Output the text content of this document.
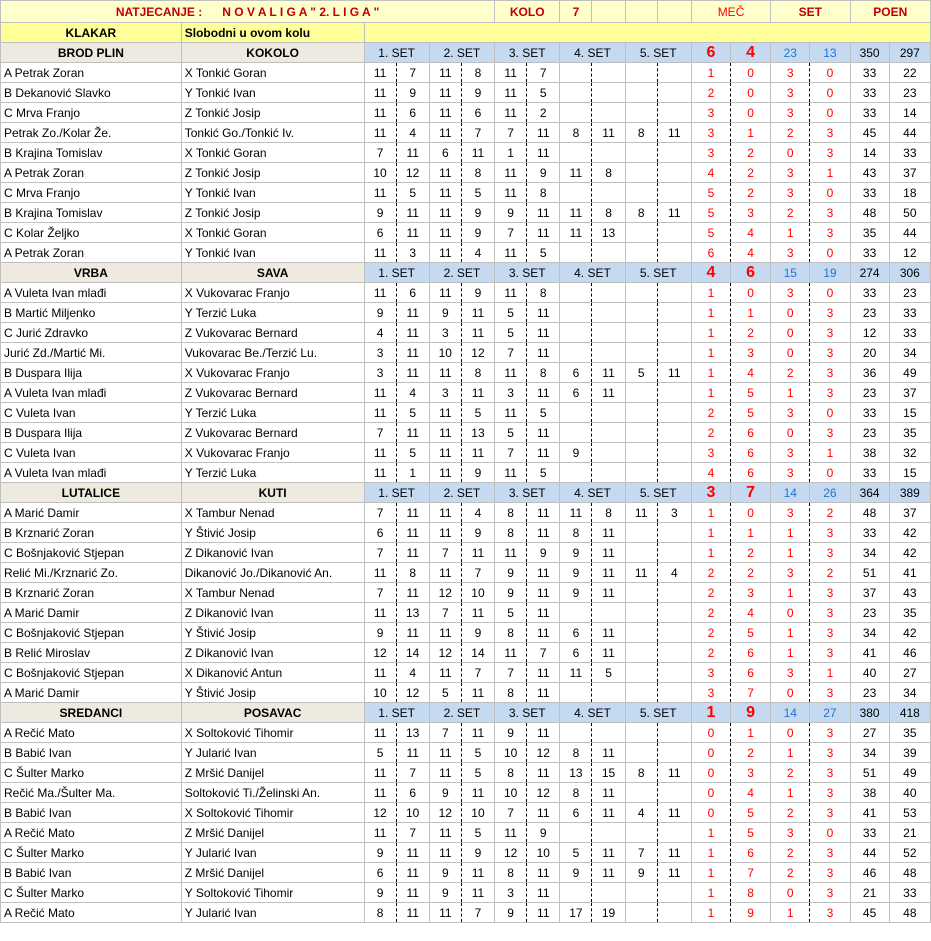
NATJECANJE : N O V A L I G A " 2. L I G A "						KOLO		7				MEČ		SET		POEN	
KLAKAR	Slobodni u ovom kolu																
BROD PLIN	KOKOLO	1. SET		2. SET		3. SET		4. SET		5. SET		6	4	23	13	350	297
A Petrak Zoran	X Tonkić Goran	11	7	11	8	11	7					1	0	3	0	33	22
B Dekanović Slavko	Y Tonkić Ivan	11	9	11	9	11	5					2	0	3	0	33	23
C Mrva Franjo	Z Tonkić Josip	11	6	11	6	11	2					3	0	3	0	33	14
Petrak Zo./Kolar Že.	Tonkić Go./Tonkić Iv.	11	4	11	7	7	11	8	11	8	11	3	1	2	3	45	44
B Krajina Tomislav	X Tonkić Goran	7	11	6	11	1	11					3	2	0	3	14	33
A Petrak Zoran	Z Tonkić Josip	10	12	11	8	11	9	11	8			4	2	3	1	43	37
C Mrva Franjo	Y Tonkić Ivan	11	5	11	5	11	8					5	2	3	0	33	18
B Krajina Tomislav	Z Tonkić Josip	9	11	11	9	9	11	11	8	8	11	5	3	2	3	48	50
C Kolar Željko	X Tonkić Goran	6	11	11	9	7	11	11	13			5	4	1	3	35	44
A Petrak Zoran	Y Tonkić Ivan	11	3	11	4	11	5					6	4	3	0	33	12
VRBA	SAVA	1. SET		2. SET		3. SET		4. SET		5. SET		4	6	15	19	274	306
A Vuleta Ivan mlađi	X Vukovarac Franjo	11	6	11	9	11	8					1	0	3	0	33	23
B Martić Miljenko	Y Terzić Luka	9	11	9	11	5	11					1	1	0	3	23	33
C Jurić Zdravko	Z Vukovarac Bernard	4	11	3	11	5	11					1	2	0	3	12	33
Jurić Zd./Martić Mi.	Vukovarac Be./Terzić Lu.	3	11	10	12	7	11					1	3	0	3	20	34
B Duspara Ilija	X Vukovarac Franjo	3	11	11	8	11	8	6	11	5	11	1	4	2	3	36	49
A Vuleta Ivan mlađi	Z Vukovarac Bernard	11	4	3	11	3	11	6	11			1	5	1	3	23	37
C Vuleta Ivan	Y Terzić Luka	11	5	11	5	11	5					2	5	3	0	33	15
B Duspara Ilija	Z Vukovarac Bernard	7	11	11	13	5	11					2	6	0	3	23	35
C Vuleta Ivan	X Vukovarac Franjo	11	5	11	11	7	11	9				3	6	3	1	38	32
A Vuleta Ivan mlađi	Y Terzić Luka	11	1	11	9	11	5					4	6	3	0	33	15
LUTALICE	KUTI	1. SET		2. SET		3. SET		4. SET		5. SET		3	7	14	26	364	389
A Marić Damir	X Tambur Nenad	7	11	11	4	8	11	11	8	11	3	1	0	3	2	48	37
B Krznarić Zoran	Y Štivić Josip	6	11	11	9	8	11	8	11			1	1	1	3	33	42
C Bošnjaković Stjepan	Z Dikanović Ivan	7	11	7	11	11	9	9	11			1	2	1	3	34	42
Relić Mi./Krznarić Zo.	Dikanović Jo./Dikanović An.	11	8	11	7	9	11	9	11	11	4	2	2	3	2	51	41
B Krznarić Zoran	X Tambur Nenad	7	11	12	10	9	11	9	11			2	3	1	3	37	43
A Marić Damir	Z Dikanović Ivan	11	13	7	11	5	11					2	4	0	3	23	35
C Bošnjaković Stjepan	Y Štivić Josip	9	11	11	9	8	11	6	11			2	5	1	3	34	42
B Relić Miroslav	Z Dikanović Ivan	12	14	12	14	11	7	6	11			2	6	1	3	41	46
C Bošnjaković Stjepan	X Dikanović Antun	11	4	11	7	7	11	11	5			3	6	3	1	40	27
A Marić Damir	Y Štivić Josip	10	12	5	11	8	11					3	7	0	3	23	34
SREDANCI	POSAVAC	1. SET		2. SET		3. SET		4. SET		5. SET		1	9	14	27	380	418
A Rečić Mato	X Soltoković Tihomir	11	13	7	11	9	11					0	1	0	3	27	35
B Babić Ivan	Y Jularić Ivan	5	11	11	5	10	12	8	11			0	2	1	3	34	39
C Šulter Marko	Z Mršić Danijel	11	7	11	5	8	11	13	15	8	11	0	3	2	3	51	49
Rečić Ma./Šulter Ma.	Soltoković Ti./Želinski An.	11	6	9	11	10	12	8	11			0	4	1	3	38	40
B Babić Ivan	X Soltoković Tihomir	12	10	12	10	7	11	6	11	4	11	0	5	2	3	41	53
A Rečić Mato	Z Mršić Danijel	11	7	11	5	11	9					1	5	3	0	33	21
C Šulter Marko	Y Jularić Ivan	9	11	11	9	12	10	5	11	7	11	1	6	2	3	44	52
B Babić Ivan	Z Mršić Danijel	6	11	9	11	8	11	9	11	9	11	1	7	2	3	46	48
C Šulter Marko	Y Soltoković Tihomir	9	11	9	11	3	11					1	8	0	3	21	33
A Rečić Mato	Y Jularić Ivan	8	11	11	7	9	11	17	19			1	9	1	3	45	48
